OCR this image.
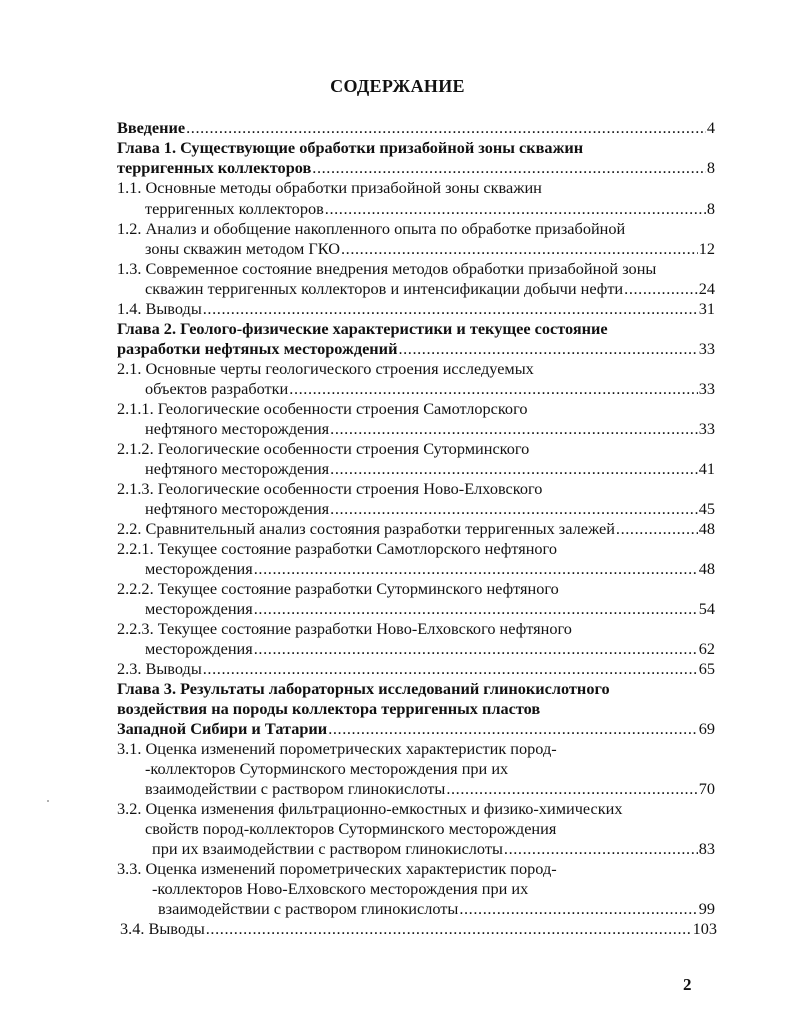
СОДЕРЖАНИЕ
Введение .....	4
Глава 1. Существующие обработки призабойной зоны скважин
терригенных коллекторов .....	8
1.1. Основные методы обработки призабойной зоны скважин
терригенных коллекторов .....	8
1.2. Анализ и обобщение накопленного опыта по обработке призабойной
зоны скважин методом ГКО .....	12
1.3. Современное состояние внедрения методов обработки призабойной зоны
скважин терригенных коллекторов и интенсификации добычи нефти .....	24
1.4. Выводы .....	31
Глава 2. Геолого-физические характеристики и текущее состояние
разработки нефтяных месторождений .....	33
2.1. Основные черты геологического строения исследуемых
объектов разработки .....	33
2.1.1. Геологические особенности строения Самотлорского
нефтяного месторождения .....	33
2.1.2. Геологические особенности строения Суторминского
нефтяного месторождения .....	41
2.1.3. Геологические особенности строения Ново-Елховского
нефтяного месторождения .....	45
2.2. Сравнительный анализ состояния разработки терригенных залежей .....	48
2.2.1. Текущее состояние разработки Самотлорского нефтяного
месторождения .....	48
2.2.2. Текущее состояние разработки Суторминского нефтяного
месторождения .....	54
2.2.3. Текущее состояние разработки Ново-Елховского нефтяного
месторождения .....	62
2.3. Выводы .....	65
Глава 3. Результаты лабораторных исследований глинокислотного
воздействия на породы коллектора терригенных пластов
Западной Сибири и Татарии .....	69
3.1. Оценка изменений порометрических характеристик пород-
-коллекторов Суторминского месторождения при их
взаимодействии с раствором глинокислоты .....	70
3.2. Оценка изменения фильтрационно-емкостных и физико-химических
свойств пород-коллекторов Суторминского месторождения
при их взаимодействии с раствором глинокислоты .....	83
3.3. Оценка изменений порометрических характеристик пород-
-коллекторов Ново-Елховского месторождения при их
взаимодействии с раствором глинокислоты .....	99
3.4. Выводы .....	103
2
